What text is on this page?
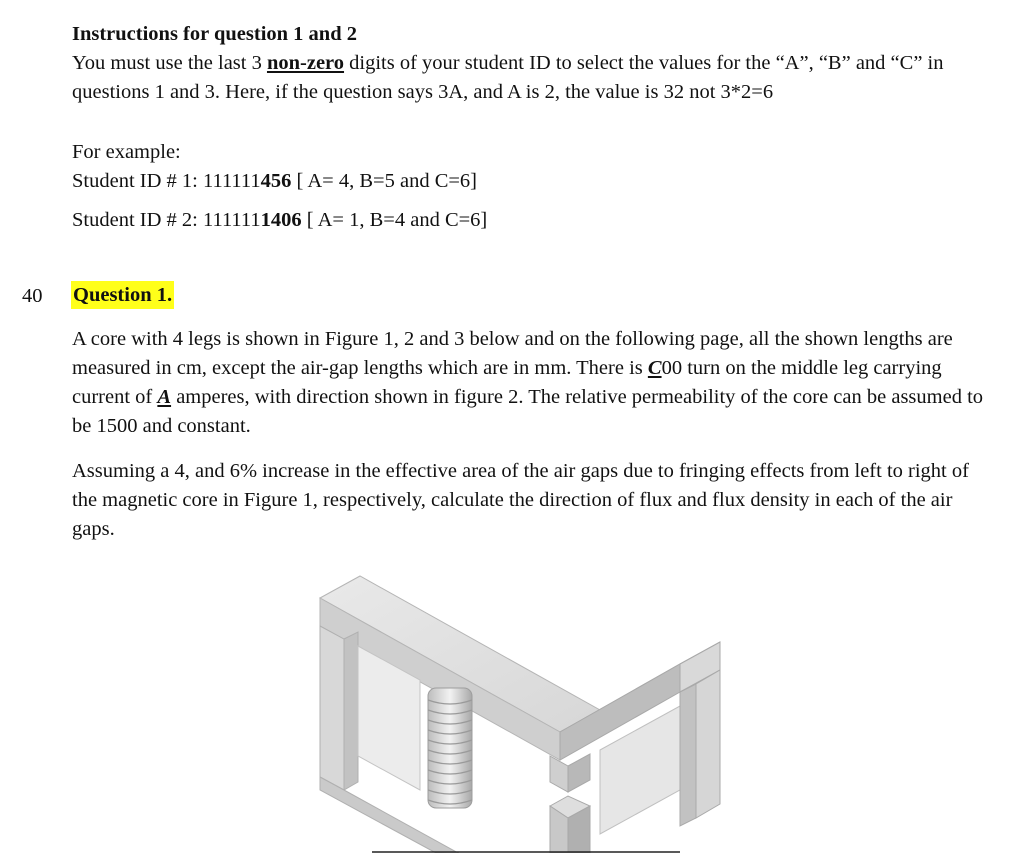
Instructions for question 1 and 2
You must use the last 3 non-zero digits of your student ID to select the values for the “A”, “B” and “C” in questions 1 and 3. Here, if the question says 3A, and A is 2, the value is 32 not 3*2=6
For example:
Student ID # 1: 111111456 [ A= 4, B=5 and C=6]
Student ID # 2: 1111111406 [ A= 1, B=4 and C=6]
40 Question 1.
A core with 4 legs is shown in Figure 1, 2 and 3 below and on the following page, all the shown lengths are measured in cm, except the air-gap lengths which are in mm. There is C00 turn on the middle leg carrying current of A amperes, with direction shown in figure 2. The relative permeability of the core can be assumed to be 1500 and constant.
Assuming a 4, and 6% increase in the effective area of the air gaps due to fringing effects from left to right of the magnetic core in Figure 1, respectively, calculate the direction of flux and flux density in each of the air gaps.
